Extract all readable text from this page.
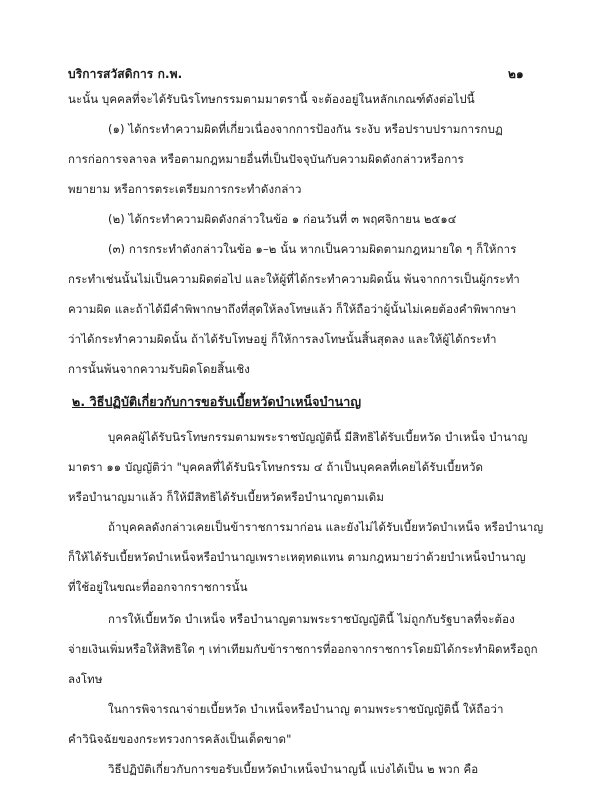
บริการสวัสดิการ ก.พ.	๒๑
นะนั้น บุคคลที่จะได้รับนิรโทษกรรมตามมาตรานี้ จะต้องอยู่ในหลักเกณฑ์ดังต่อไปนี้
(๑) ได้กระทำความผิดที่เกี่ยวเนื่องจากการป้องกัน ระงับ หรือปราบปรามการกบฏ
การก่อการจลาจล หรือตามกฎหมายอื่นที่เป็นปัจจุบันกับความผิดดังกล่าวหรือการ
พยายาม หรือการตระเตรียมการกระทำดังกล่าว
(๒) ได้กระทำความผิดดังกล่าวในข้อ ๑ ก่อนวันที่ ๓ พฤศจิกายน ๒๕๑๔
(๓) การกระทำดังกล่าวในข้อ ๑–๒ นั้น หากเป็นความผิดตามกฎหมายใด ๆ ก็ให้การ
กระทำเช่นนั้นไม่เป็นความผิดต่อไป และให้ผู้ที่ได้กระทำความผิดนั้น พ้นจากการเป็นผู้กระทำ
ความผิด และถ้าได้มีคำพิพากษาถึงที่สุดให้ลงโทษแล้ว ก็ให้ถือว่าผู้นั้นไม่เคยต้องคำพิพากษา
ว่าได้กระทำความผิดนั้น ถ้าได้รับโทษอยู่ ก็ให้การลงโทษนั้นสิ้นสุดลง และให้ผู้ได้กระทำ
การนั้นพ้นจากความรับผิดโดยสิ้นเชิง
๒. วิธีปฏิบัติเกี่ยวกับการขอรับเบี้ยหวัดบำเหน็จบำนาญ
บุคคลผู้ได้รับนิรโทษกรรมตามพระราชบัญญัตินี้ มีสิทธิได้รับเบี้ยหวัด บำเหน็จ บำนาญ
มาตรา ๑๑ บัญญัติว่า "บุคคลที่ได้รับนิรโทษกรรม ๔ ถ้าเป็นบุคคลที่เคยได้รับเบี้ยหวัด
หรือบำนาญมาแล้ว ก็ให้มีสิทธิได้รับเบี้ยหวัดหรือบำนาญตามเดิม
ถ้าบุคคลดังกล่าวเคยเป็นข้าราชการมาก่อน และยังไม่ได้รับเบี้ยหวัดบำเหน็จ หรือบำนาญ
ก็ให้ได้รับเบี้ยหวัดบำเหน็จหรือบำนาญเพราะเหตุทดแทน ตามกฎหมายว่าด้วยบำเหน็จบำนาญ
ที่ใช้อยู่ในขณะที่ออกจากราชการนั้น
การให้เบี้ยหวัด บำเหน็จ หรือบำนาญตามพระราชบัญญัตินี้ ไม่ถูกกับรัฐบาลที่จะต้อง
จ่ายเงินเพิ่มหรือให้สิทธิใด ๆ เท่าเทียมกับข้าราชการที่ออกจากราชการโดยมิได้กระทำผิดหรือถูก
ลงโทษ
ในการพิจารณาจ่ายเบี้ยหวัด บำเหน็จหรือบำนาญ ตามพระราชบัญญัตินี้ ให้ถือว่า
คำวินิจฉัยของกระทรวงการคลังเป็นเด็ดขาด"
วิธีปฏิบัติเกี่ยวกับการขอรับเบี้ยหวัดบำเหน็จบำนาญนี้ แบ่งได้เป็น ๒ พวก คือ
